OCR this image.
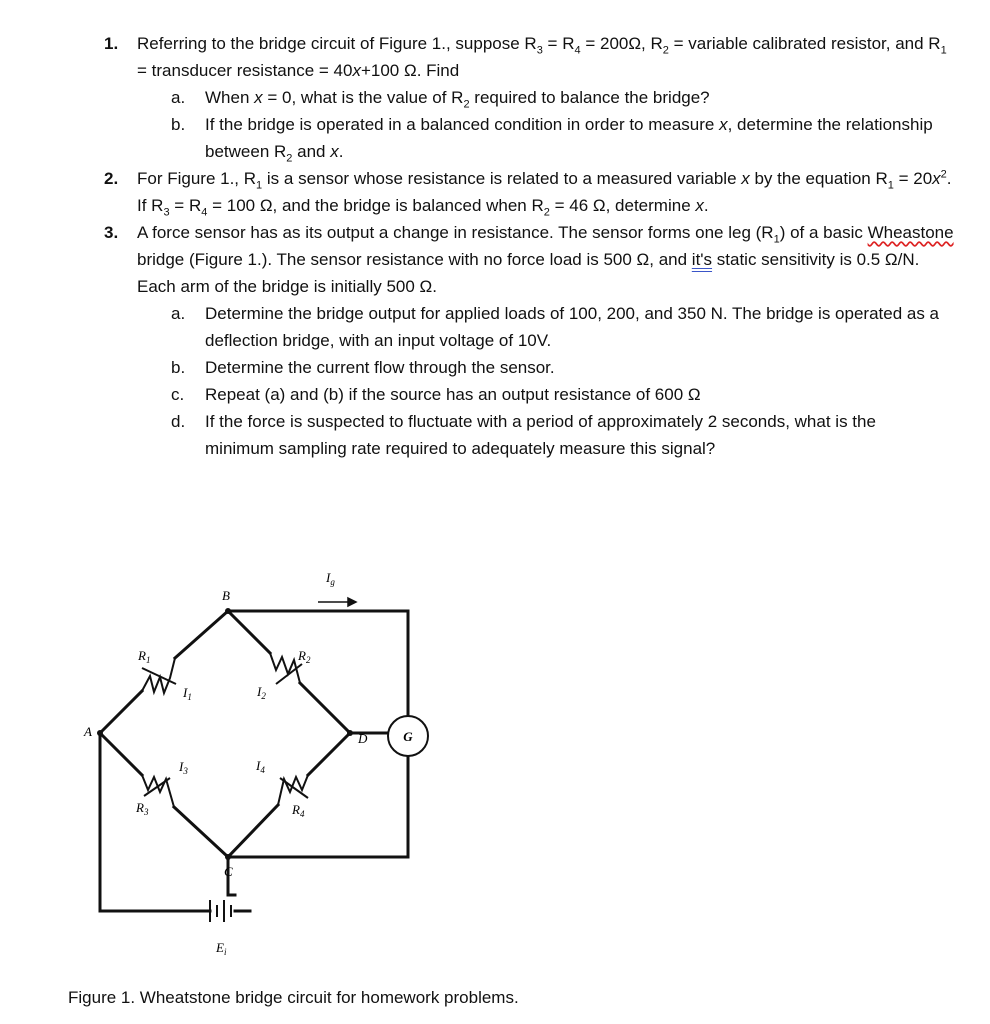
1. Referring to the bridge circuit of Figure 1., suppose $R_3 = R_4 = 200\Omega$, $R_2$ = variable calibrated resistor, and $R_1$ = transducer resistance = 40x+100 Ω. Find
a. When x = 0, what is the value of $R_2$ required to balance the bridge?
b. If the bridge is operated in a balanced condition in order to measure x, determine the relationship between $R_2$ and x.
2. For Figure 1., $R_1$ is a sensor whose resistance is related to a measured variable x by the equation $R_1 = 20x^2$. If $R_3 = R_4 = 100$ Ω, and the bridge is balanced when $R_2 = 46$ Ω, determine x.
3. A force sensor has as its output a change in resistance. The sensor forms one leg $(R_1)$ of a basic Wheastone bridge (Figure 1.). The sensor resistance with no force load is 500 Ω, and it's static sensitivity is 0.5 Ω/N. Each arm of the bridge is initially 500 Ω.
a. Determine the bridge output for applied loads of 100, 200, and 350 N. The bridge is operated as a deflection bridge, with an input voltage of 10V.
b. Determine the current flow through the sensor.
c. Repeat (a) and (b) if the source has an output resistance of 600 Ω
d. If the force is suspected to fluctuate with a period of approximately 2 seconds, what is the minimum sampling rate required to adequately measure this signal?
G
A
B
C
D
$R_1$	$R_2$
$R_3$	$R_4$
$I_1$	$I_2$
$I_3$	$I_4$
$I_g$
$E_i$
Figure 1. Wheatstone bridge circuit for homework problems.
